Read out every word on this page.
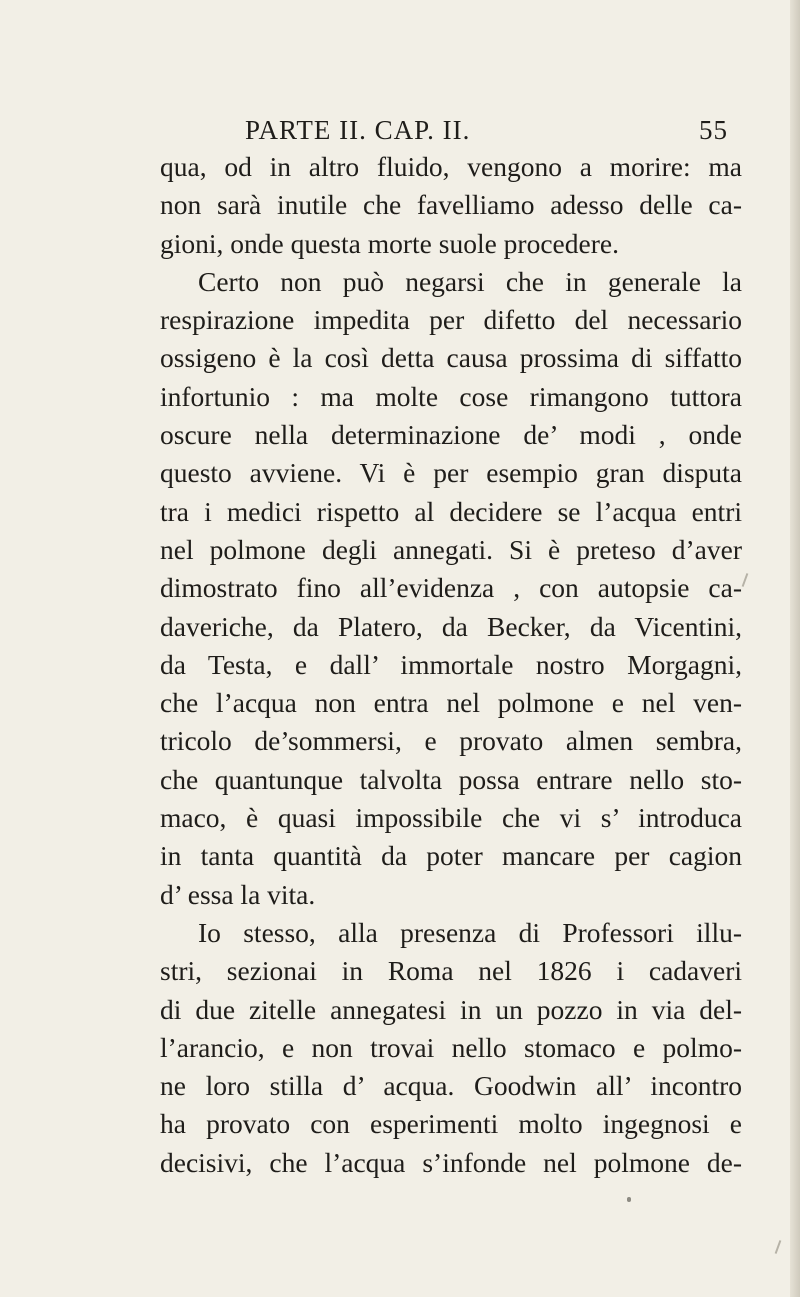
PARTE II. CAP. II.	55
qua, od in altro fluido, vengono a morire: ma
non sarà inutile che favelliamo adesso delle ca-
gioni, onde questa morte suole procedere.
Certo non può negarsi che in generale la
respirazione impedita per difetto del necessario
ossigeno è la così detta causa prossima di siffatto
infortunio : ma molte cose rimangono tuttora
oscure nella determinazione de’ modi , onde
questo avviene. Vi è per esempio gran disputa
tra i medici rispetto al decidere se l’acqua entri
nel polmone degli annegati. Si è preteso d’aver
dimostrato fino all’evidenza , con autopsie ca-
daveriche, da Platero, da Becker, da Vicentini,
da Testa, e dall’ immortale nostro Morgagni,
che l’acqua non entra nel polmone e nel ven-
tricolo de’sommersi, e provato almen sembra,
che quantunque talvolta possa entrare nello sto-
maco, è quasi impossibile che vi s’ introduca
in tanta quantità da poter mancare per cagion
d’ essa la vita.
Io stesso, alla presenza di Professori illu-
stri, sezionai in Roma nel 1826 i cadaveri
di due zitelle annegatesi in un pozzo in via del-
l’arancio, e non trovai nello stomaco e polmo-
ne loro stilla d’ acqua. Goodwin all’ incontro
ha provato con esperimenti molto ingegnosi e
decisivi, che l’acqua s’infonde nel polmone de-
